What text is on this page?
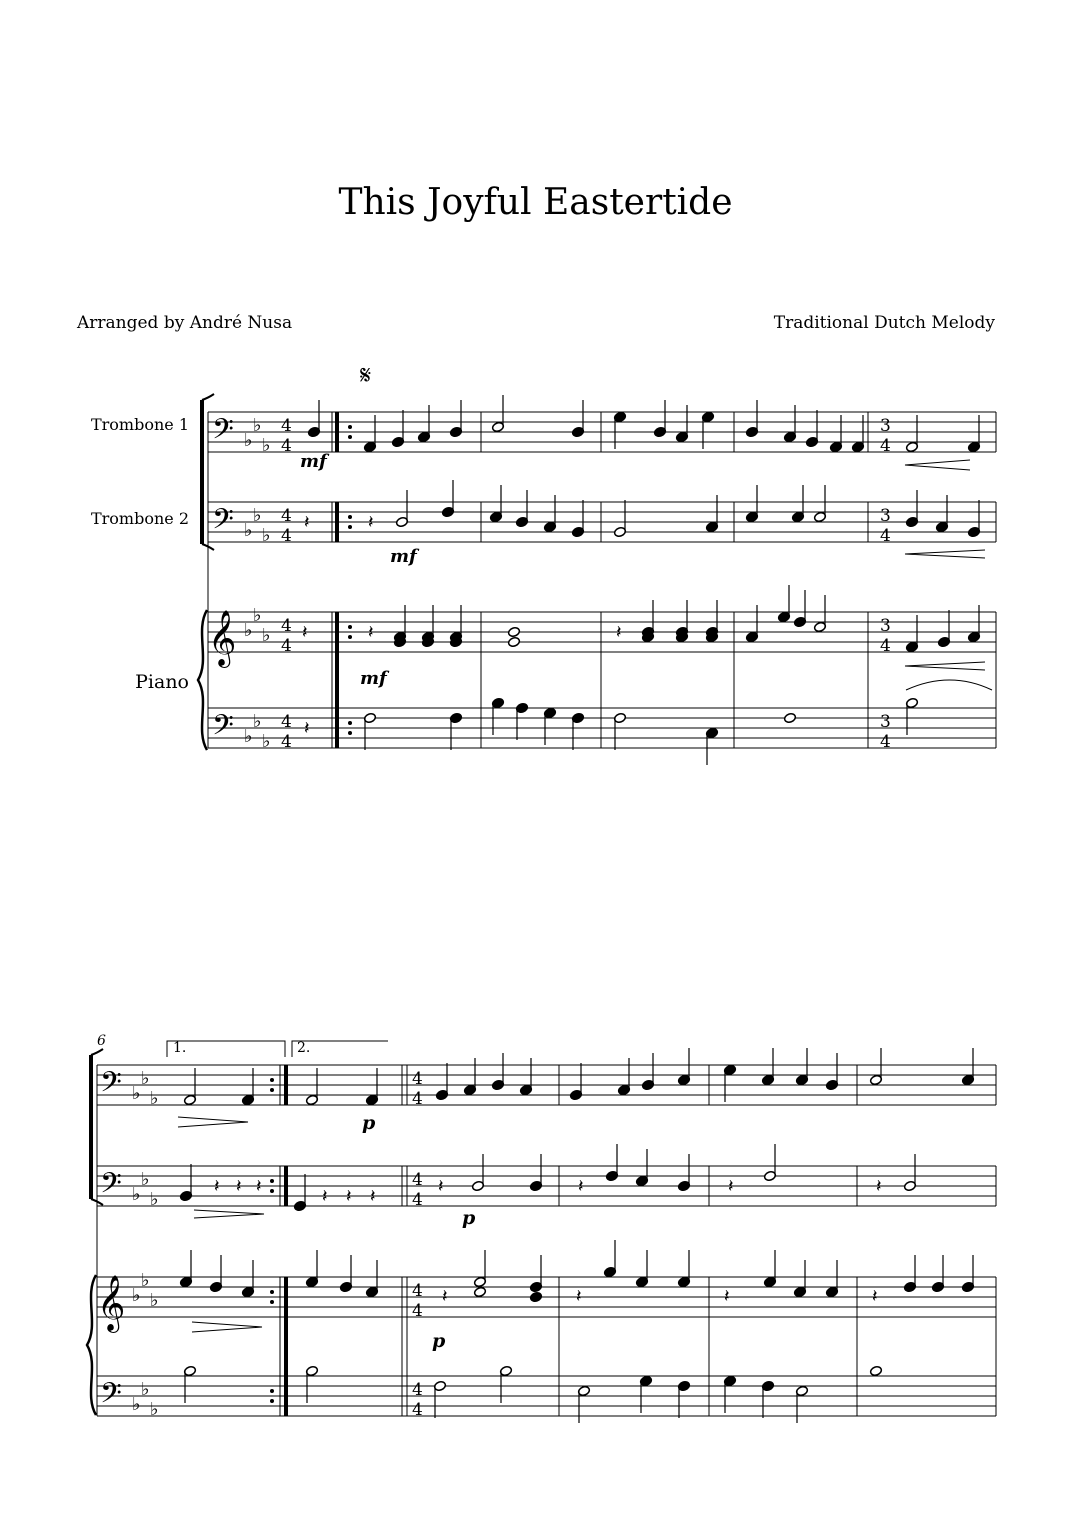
This Joyful Eastertide
Arranged by André Nusa	Traditional Dutch Melody
Trombone 1
Trombone 2
Piano
6	1.	2.
𝄢 ♭
♭
♭
4
4
𝄢 ♭
♭
♭
4
4
𝄢 ♭
♭
♭
4
4
𝄞 ♭
♭
♭ 4
4
𝄋
3
4
3
4
3
4
3
4
𝄽
𝄽
𝄽
𝄽
𝄽	𝄽
mf
mf
mf
𝄢 ♭
♭
♭
𝄢 ♭
♭
♭
𝄢 ♭
♭
♭
𝄞 ♭
♭
♭
4
4
4
4
4
4
4
4
𝄽 𝄽 𝄽	𝄽 𝄽 𝄽	𝄽	𝄽	𝄽	𝄽
𝄽	𝄽	𝄽	𝄽
p
p
p
